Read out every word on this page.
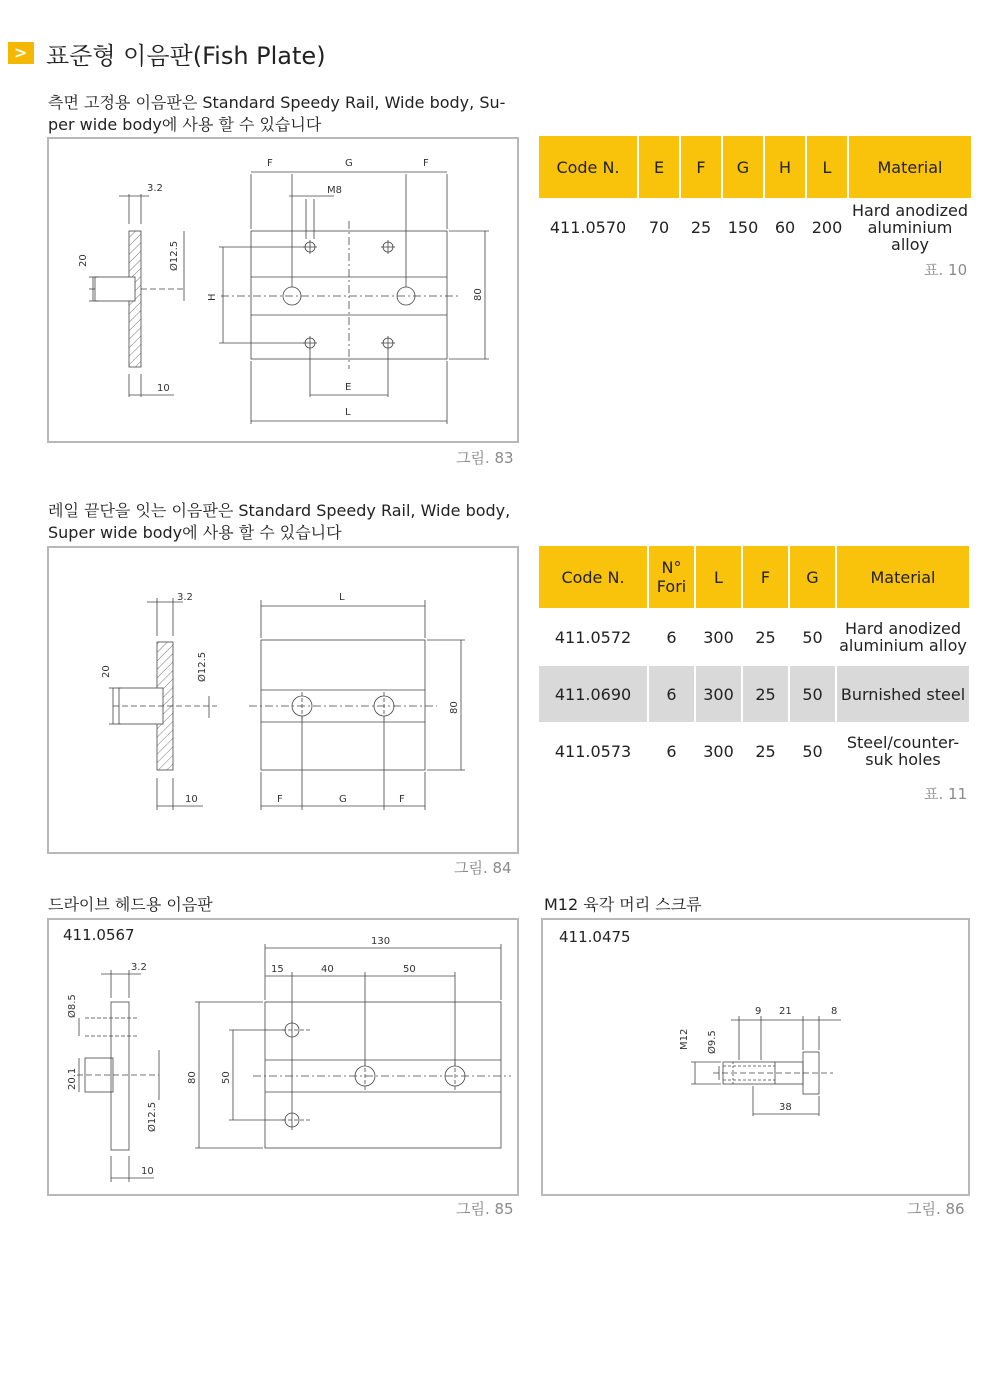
> 표준형 이음판(Fish Plate)
측면 고정용 이음판은 Standard Speedy Rail, Wide body, Su-
per wide body에 사용 할 수 있습니다
3.2
20	Ø12.5
10
F	G	F
M8
H	80
E
L
그림. 83
Code N.	E	F	G	H	L	Material
411.0570	70	25	150	60	200	Hard anodized aluminium alloy
표. 10
레일 끝단을 잇는 이음판은 Standard Speedy Rail, Wide body,
Super wide body에 사용 할 수 있습니다
3.2
20	Ø12.5
10
L
80
F	G	F
그림. 84
Code N.	N° Fori	L	F	G	Material
411.0572	6	300	25	50	Hard anodized aluminium alloy
411.0690	6	300	25	50	Burnished steel
411.0573	6	300	25	50	Steel/counter-suk holes
표. 11
드라이브 헤드용 이음판
411.0567
3.2
Ø8.5
20.1
Ø12.5
10
130
15	40	50
80 50
그림. 85
M12 육각 머리 스크류
411.0475
9 21	8
M12 Ø9.5
38
그림. 86
